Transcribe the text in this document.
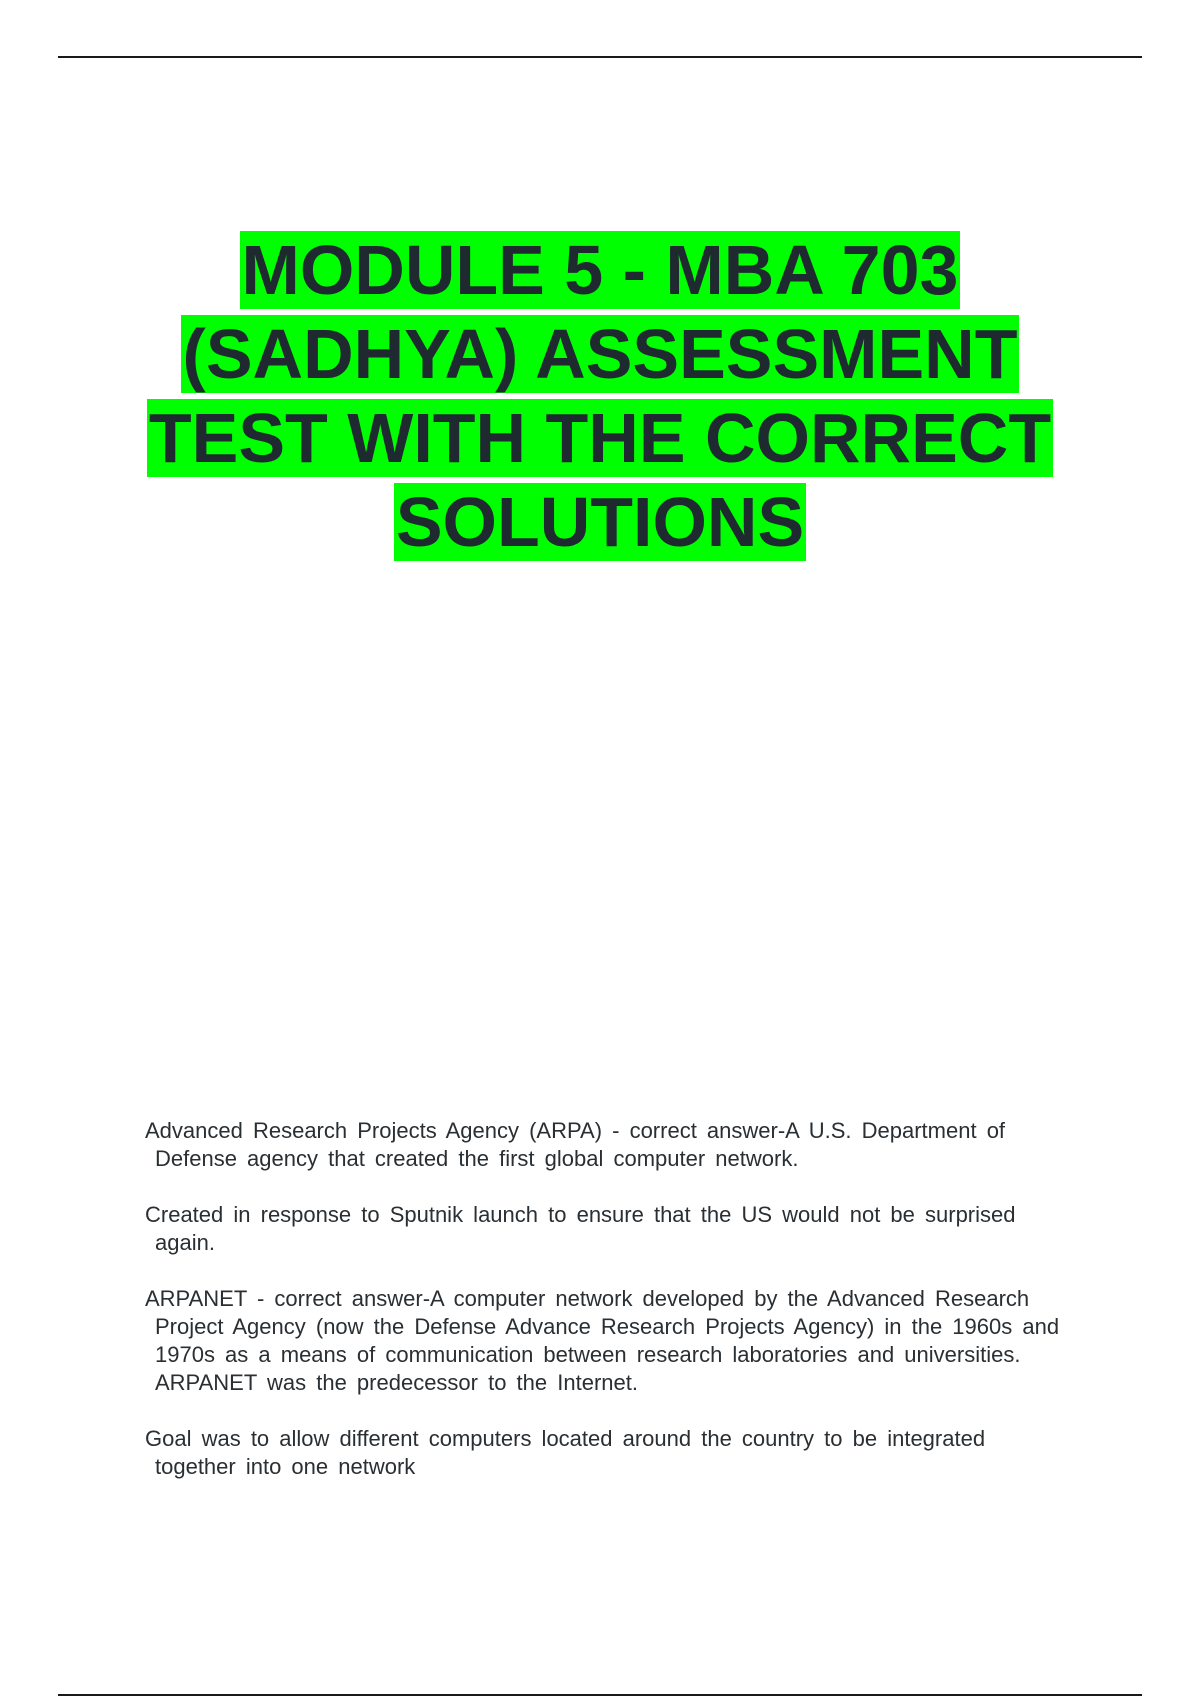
MODULE 5 - MBA 703 (SADHYA) ASSESSMENT TEST WITH THE CORRECT SOLUTIONS

Advanced Research Projects Agency (ARPA) - correct answer-A U.S. Department of Defense agency that created the first global computer network.

Created in response to Sputnik launch to ensure that the US would not be surprised again.

ARPANET - correct answer-A computer network developed by the Advanced Research Project Agency (now the Defense Advance Research Projects Agency) in the 1960s and 1970s as a means of communication between research laboratories and universities. ARPANET was the predecessor to the Internet.

Goal was to allow different computers located around the country to be integrated together into one network
